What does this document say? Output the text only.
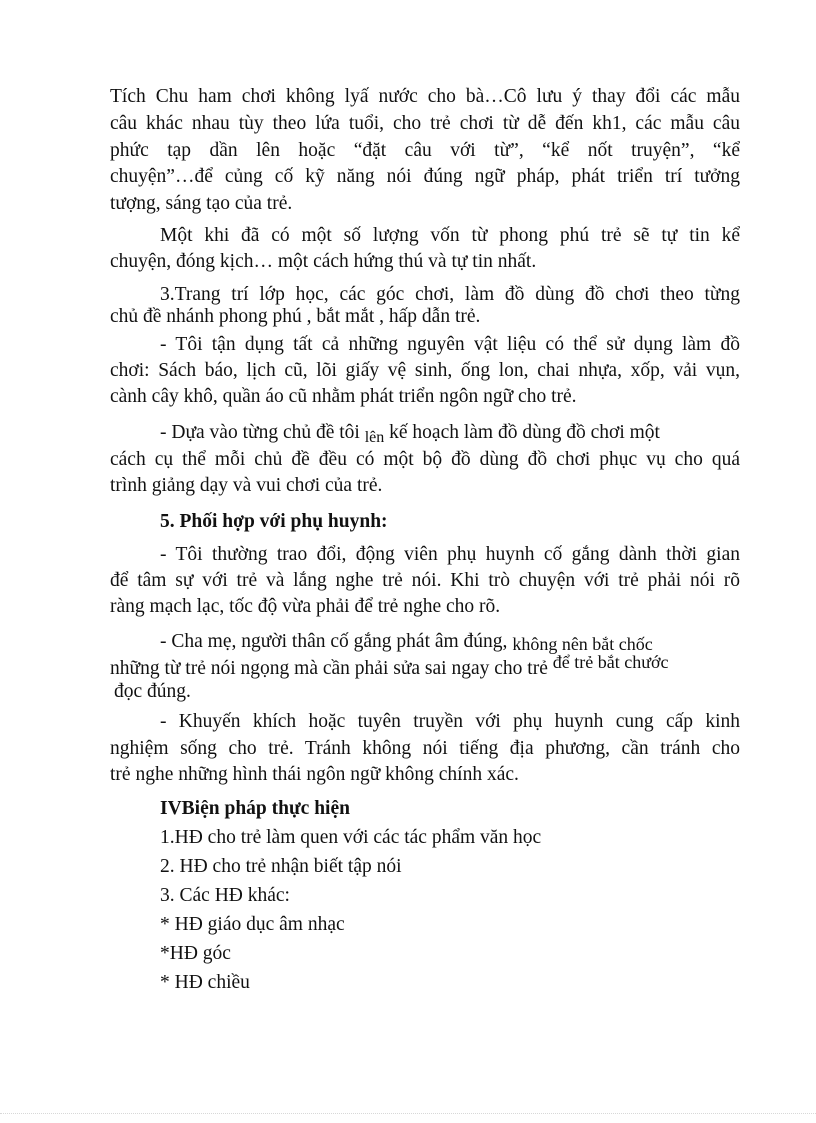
Tích Chu ham chơi không lyấ nước cho bà…Cô lưu ý thay đổi các mẫu

câu khác nhau tùy theo lứa tuổi, cho trẻ chơi từ dễ đến kh1, các mẫu câu

phức tạp dần lên hoặc “đặt câu với từ”, “kể nốt truyện”, “kể

chuyện”…để củng cố kỹ năng nói đúng ngữ pháp, phát triển trí tưởng

tượng, sáng tạo của trẻ.

Một khi đã có một số lượng vốn từ phong phú trẻ sẽ tự tin kể

chuyện, đóng kịch… một cách hứng thú và tự tin nhất.

3.Trang trí lớp học, các góc chơi, làm đồ dùng đồ chơi theo từng

chủ đề nhánh phong phú , bắt mắt , hấp dẫn trẻ.

- Tôi tận dụng tất cả những nguyên vật liệu có thể sử dụng làm đồ

chơi: Sách báo, lịch cũ, lõi giấy vệ sinh, ống lon, chai nhựa, xốp, vải vụn,

cành cây khô, quần áo cũ nhằm phát triển ngôn ngữ cho trẻ.

- Dựa vào từng chủ đề tôi $_{lên}$ kế hoạch làm đồ dùng đồ chơi một

cách cụ thể mỗi chủ đề đều có một bộ đồ dùng đồ chơi phục vụ cho quá

trình giảng dạy và vui chơi của trẻ.

5. Phối hợp với phụ huynh:

- Tôi thường trao đổi, động viên phụ huynh cố gắng dành thời gian

để tâm sự với trẻ và lắng nghe trẻ nói. Khi trò chuyện với trẻ phải nói rõ

ràng mạch lạc, tốc độ vừa phải để trẻ nghe cho rõ.

- Cha mẹ, người thân cố gắng phát âm đúng, không nên bắt chốc

những từ trẻ nói ngọng mà cần phải sửa sai ngay cho trẻ để trẻ bắt chước

đọc đúng.

- Khuyến khích hoặc tuyên truyền với phụ huynh cung cấp kinh

nghiệm sống cho trẻ. Tránh không nói tiếng địa phương, cần tránh cho

trẻ nghe những hình thái ngôn ngữ không chính xác.

IVBiện pháp thực hiện

1.HĐ cho trẻ làm quen với các tác phẩm văn học

2. HĐ cho trẻ nhận biết tập nói

3. Các HĐ khác:

* HĐ giáo dục âm nhạc

*HĐ góc

* HĐ chiều
